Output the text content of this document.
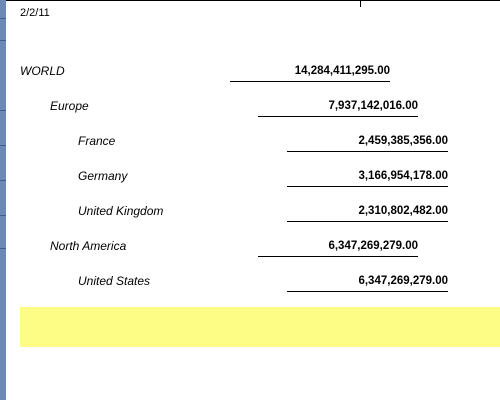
2/2/11
WORLD	14,284,411,295.00
Europe	7,937,142,016.00
France	2,459,385,356.00
Germany	3,166,954,178.00
United Kingdom	2,310,802,482.00
North America	6,347,269,279.00
United States	6,347,269,279.00
